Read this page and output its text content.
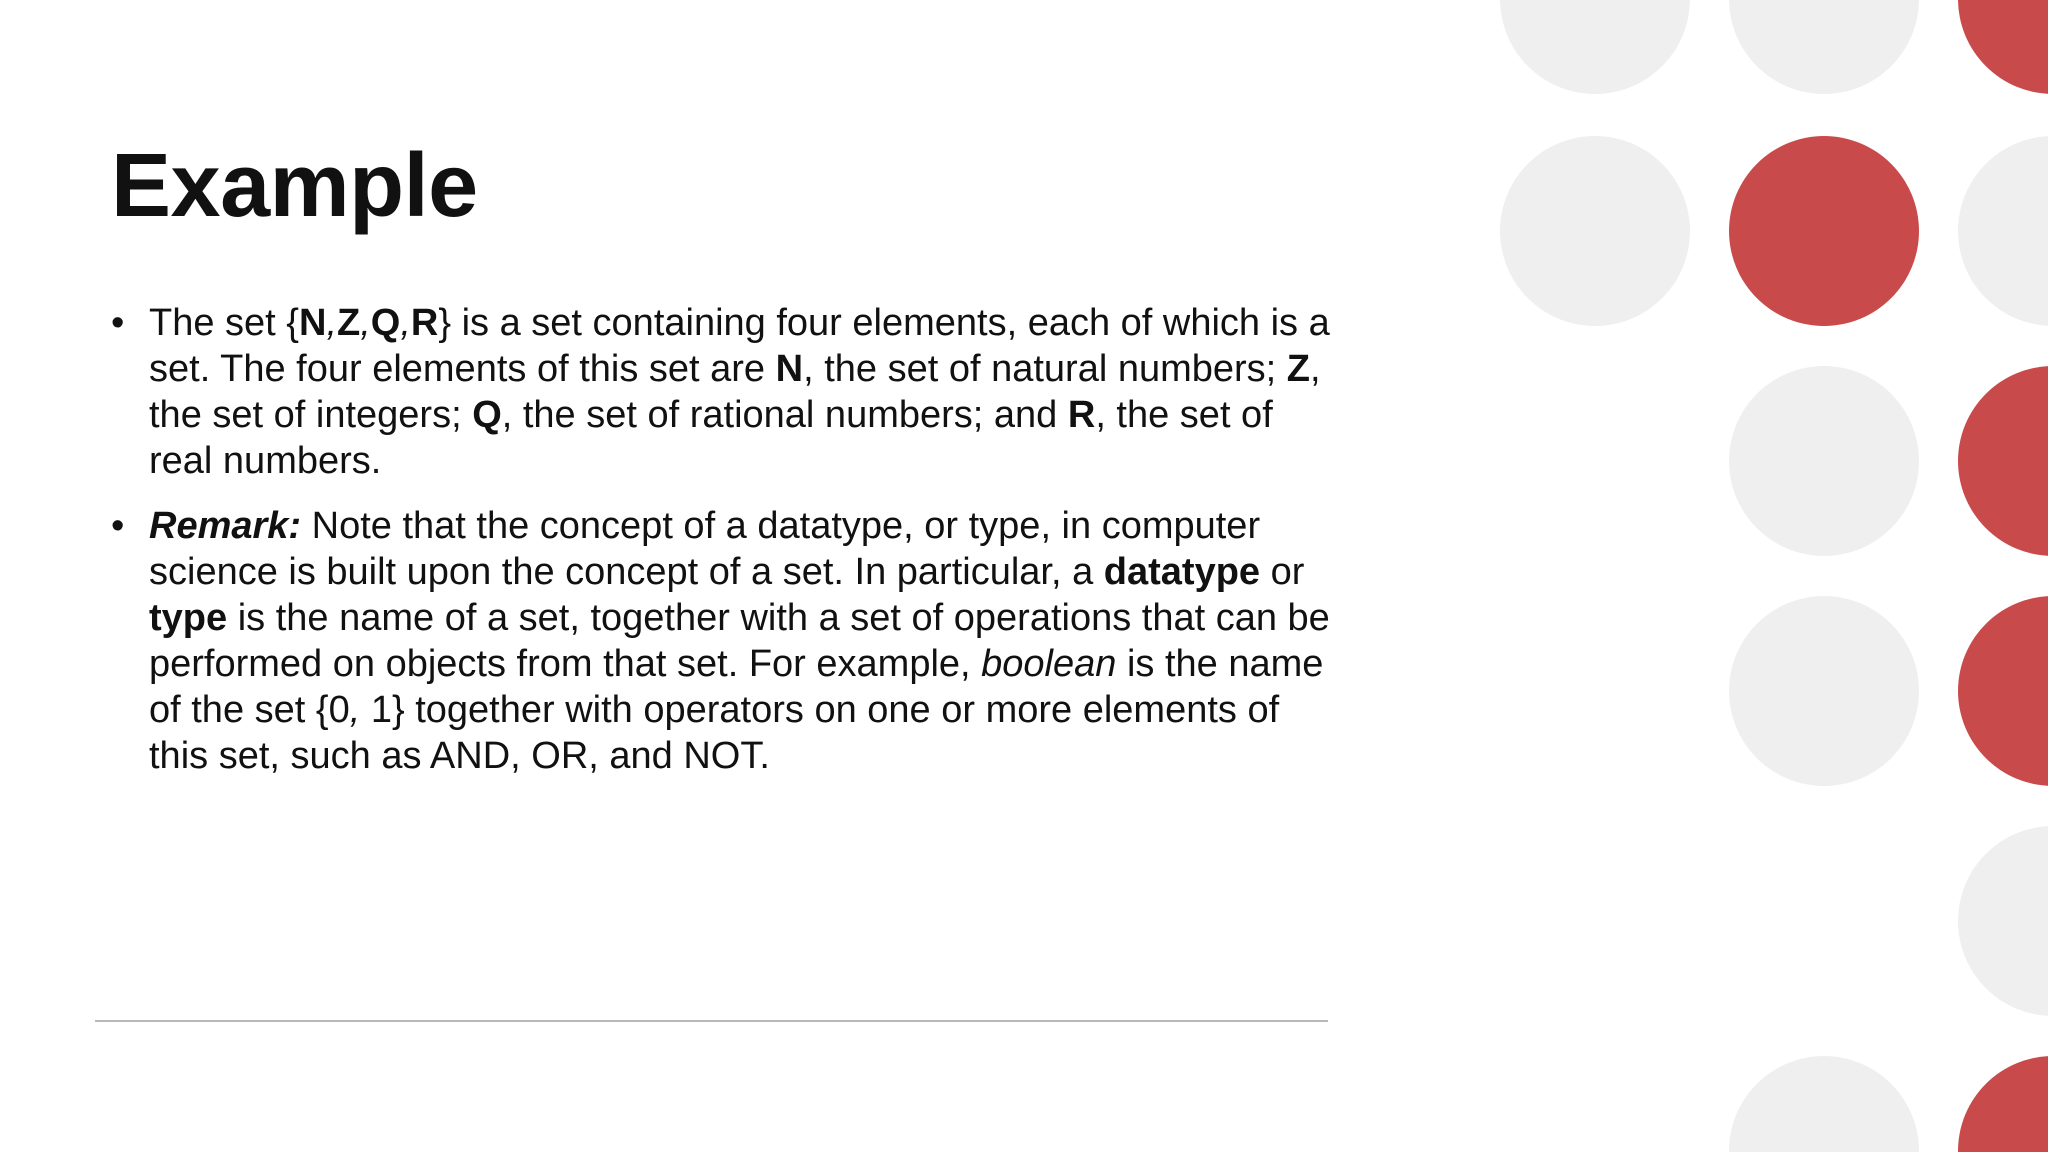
Example
• The set {N,Z,Q,R} is a set containing four elements, each of which is a set. The four elements of this set are N, the set of natural numbers; Z, the set of integers; Q, the set of rational numbers; and R, the set of real numbers.
• Remark: Note that the concept of a datatype, or type, in computer science is built upon the concept of a set. In particular, a datatype or type is the name of a set, together with a set of operations that can be performed on objects from that set. For example, boolean is the name of the set {0, 1} together with operators on one or more elements of this set, such as AND, OR, and NOT.
